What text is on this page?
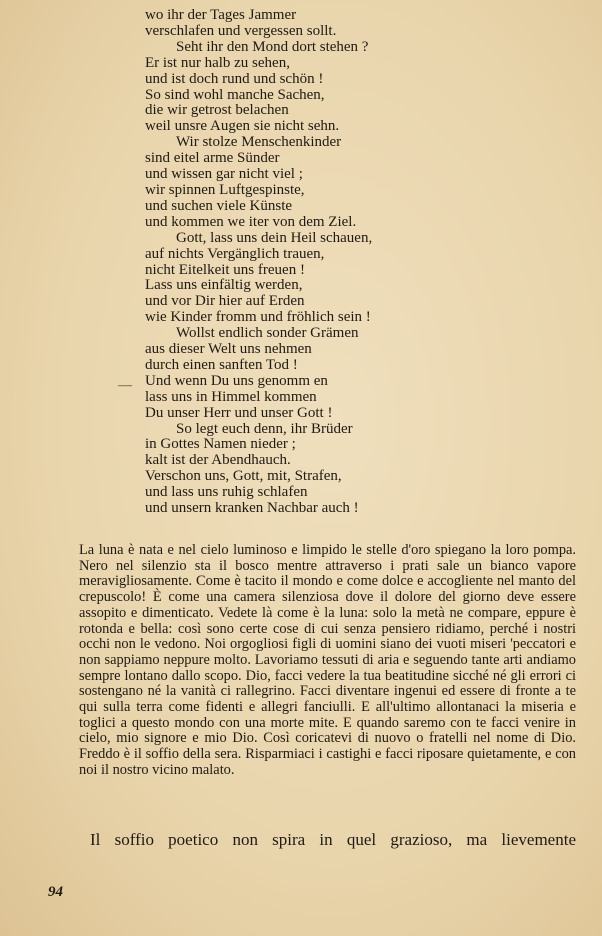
wo ihr der Tages Jammer
verschlafen und vergessen sollt.
Seht ihr den Mond dort stehen ?
Er ist nur halb zu sehen,
und ist doch rund und schön !
So sind wohl manche Sachen,
die wir getrost belachen
weil unsre Augen sie nicht sehn.
Wir stolze Menschenkinder
sind eitel arme Sünder
und wissen gar nicht viel ;
wir spinnen Luftgespinste,
und suchen viele Künste
und kommen we iter von dem Ziel.
Gott, lass uns dein Heil schauen,
auf nichts Vergänglich trauen,
nicht Eitelkeit uns freuen !
Lass uns einfältig werden,
und vor Dir hier auf Erden
wie Kinder fromm und fröhlich sein !
Wollst endlich sonder Grämen
aus dieser Welt uns nehmen
durch einen sanften Tod !
Und wenn Du uns genomm en
lass uns in Himmel kommen
Du unser Herr und unser Gott !
So legt euch denn, ihr Brüder
in Gottes Namen nieder ;
kalt ist der Abendhauch.
Verschon uns, Gott, mit, Strafen,
und lass uns ruhig schlafen
und unsern kranken Nachbar auch !
—

La luna è nata e nel cielo luminoso e limpido le stelle d'oro spiegano la loro pompa. Nero nel silenzio sta il bosco mentre attraverso i prati sale un bianco vapore meravigliosamente. Come è tacito il mondo e come dolce e accogliente nel manto del crepuscolo! È come una camera silenziosa dove il dolore del giorno deve essere assopito e dimenticato. Vedete là come è la luna: solo la metà ne compare, eppure è rotonda e bella: così sono certe cose di cui senza pensiero ridiamo, perché i nostri occhi non le vedono. Noi orgogliosi figli di uomini siano dei vuoti miseri 'peccatori e non sappiamo neppure molto. Lavoriamo tessuti di aria e seguendo tante arti andiamo sempre lontano dallo scopo. Dio, facci vedere la tua beatitudine sicché né gli errori ci sostengano né la vanità ci rallegrino. Facci diventare ingenui ed essere di fronte a te qui sulla terra come fidenti e allegri fanciulli. E all'ultimo allontanaci la miseria e toglici a questo mondo con una morte mite. E quando saremo con te facci venire in cielo, mio signore e mio Dio. Così coricatevi di nuovo o fratelli nel nome di Dio. Freddo è il soffio della sera. Risparmiaci i castighi e facci riposare quietamente, e con noi il nostro vicino malato.

Il soffio poetico non spira in quel grazioso, ma lievemente
94
